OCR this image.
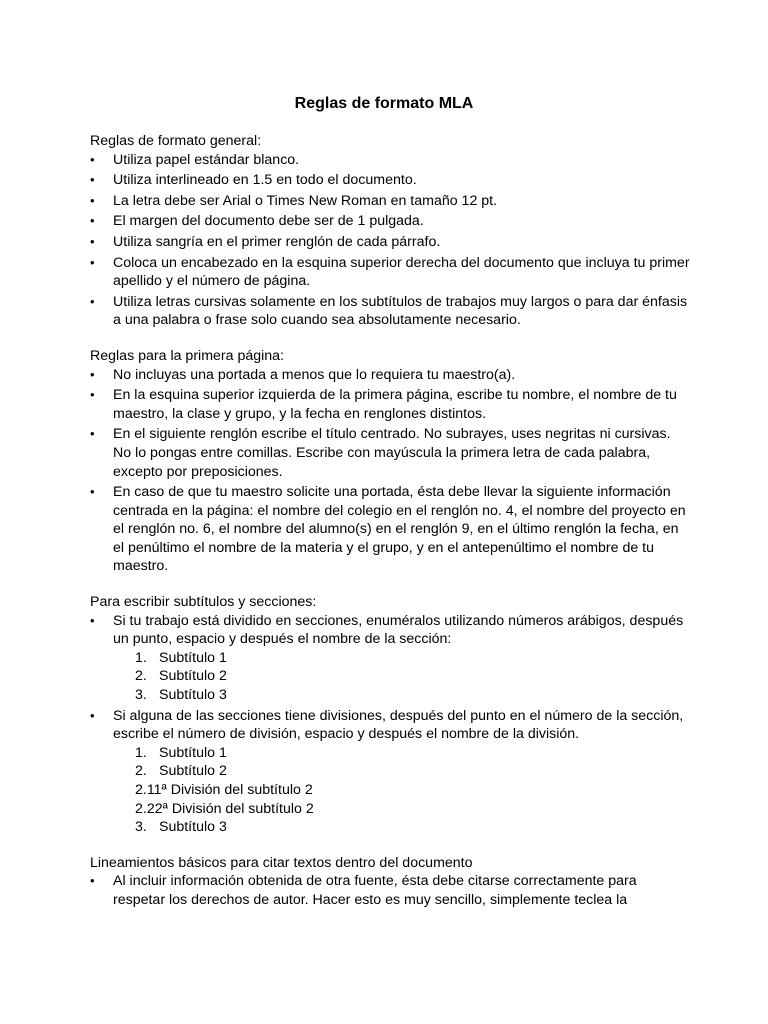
Reglas de formato MLA

Reglas de formato general:

•	Utiliza papel estándar blanco.
•	Utiliza interlineado en 1.5 en todo el documento.
•	La letra debe ser Arial o Times New Roman en tamaño 12 pt.
•	El margen del documento debe ser de 1 pulgada.
•	Utiliza sangría en el primer renglón de cada párrafo.
•	Coloca un encabezado en la esquina superior derecha del documento que incluya tu primer apellido y el número de página.
•	Utiliza letras cursivas solamente en los subtítulos de trabajos muy largos o para dar énfasis a una palabra o frase solo cuando sea absolutamente necesario.

Reglas para la primera página:

•	No incluyas una portada a menos que lo requiera tu maestro(a).
•	En la esquina superior izquierda de la primera página, escribe tu nombre, el nombre de tu maestro, la clase y grupo, y la fecha en renglones distintos.
•	En el siguiente renglón escribe el título centrado. No subrayes, uses negritas ni cursivas. No lo pongas entre comillas. Escribe con mayúscula la primera letra de cada palabra, excepto por preposiciones.
•	En caso de que tu maestro solicite una portada, ésta debe llevar la siguiente información centrada en la página: el nombre del colegio en el renglón no. 4, el nombre del proyecto en el renglón no. 6, el nombre del alumno(s) en el renglón 9, en el último renglón la fecha, en el penúltimo el nombre de la materia y el grupo, y en el antepenúltimo el nombre de tu maestro.

Para escribir subtítulos y secciones:

•	Si tu trabajo está dividido en secciones, enuméralos utilizando números arábigos, después un punto, espacio y después el nombre de la sección:
1. Subtítulo 1
2. Subtítulo 2
3. Subtítulo 3
•	Si alguna de las secciones tiene divisiones, después del punto en el número de la sección, escribe el número de división, espacio y después el nombre de la división.
1. Subtítulo 1
2. Subtítulo 2
2.11ª División del subtítulo 2
2.22ª División del subtítulo 2
3. Subtítulo 3

Lineamientos básicos para citar textos dentro del documento

•	Al incluir información obtenida de otra fuente, ésta debe citarse correctamente para respetar los derechos de autor. Hacer esto es muy sencillo, simplemente teclea la
